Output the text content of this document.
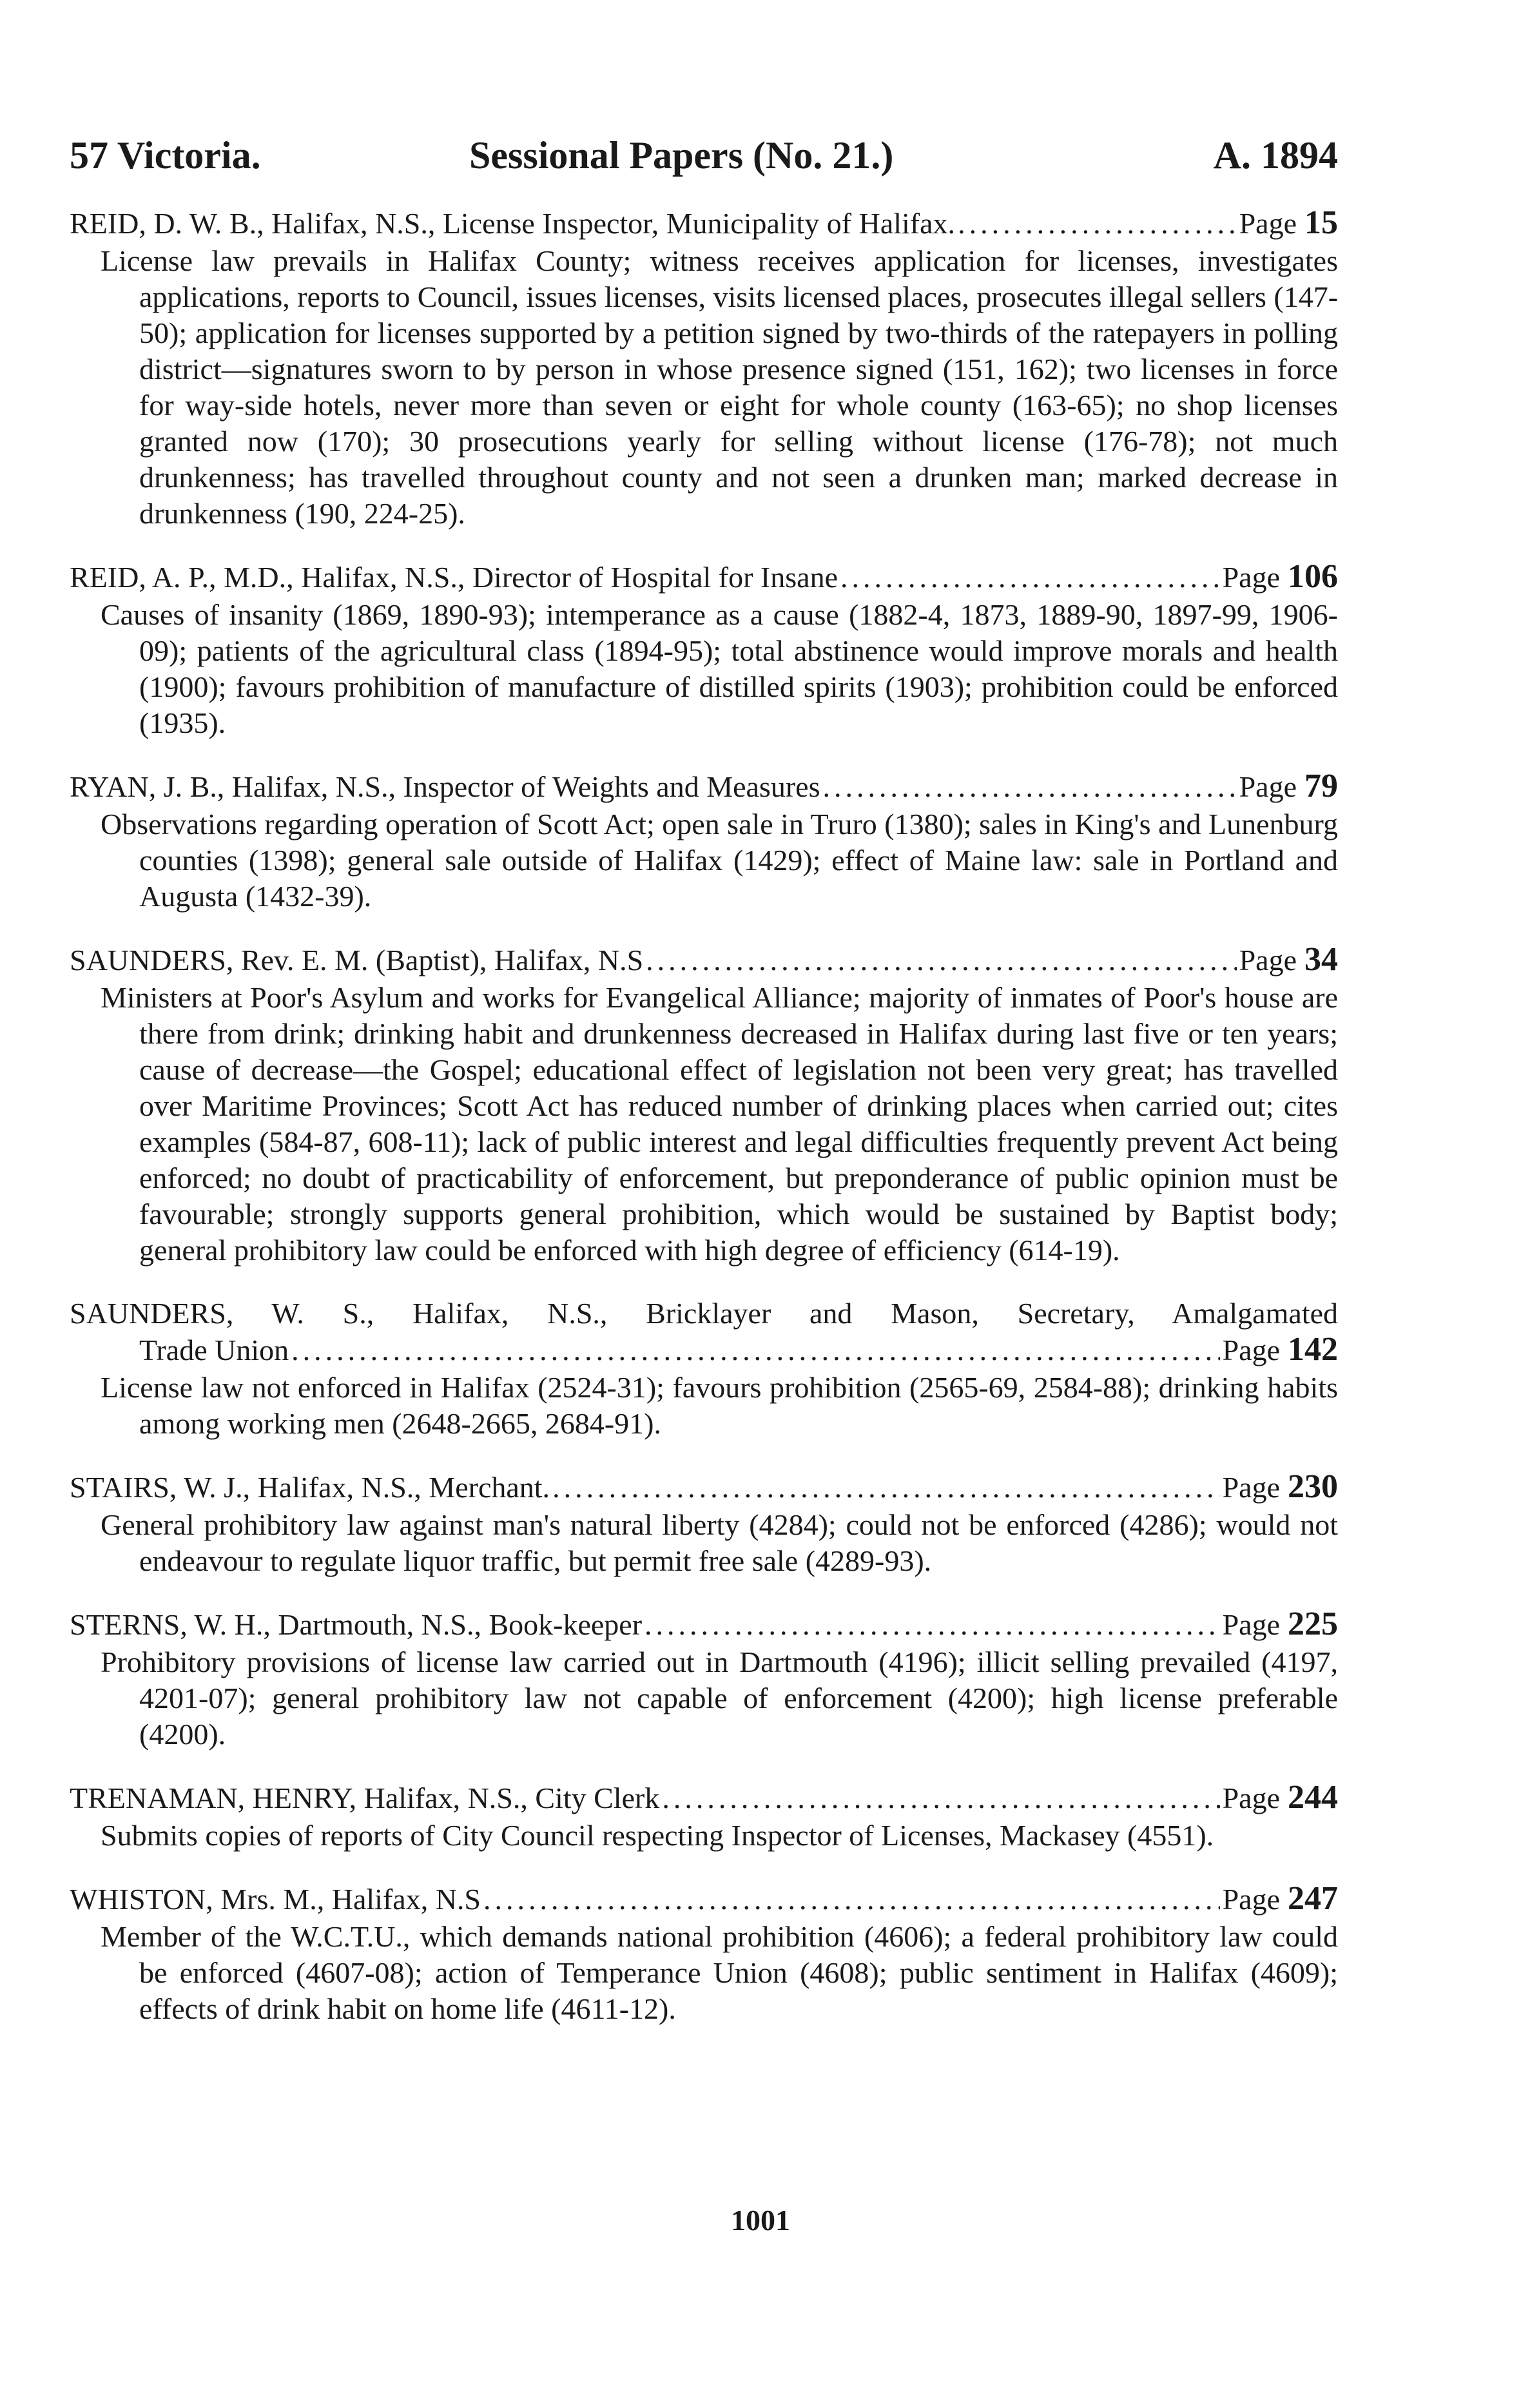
57 Victoria.	Sessional Papers (No. 21.)	A. 1894
REID, D. W. B., Halifax, N.S., License Inspector, Municipality of Halifax. .....	Page 15
License law prevails in Halifax County; witness receives application for licenses, investigates applications, reports to Council, issues licenses, visits licensed places, prosecutes illegal sellers (147-50); application for licenses supported by a petition signed by two-thirds of the ratepayers in polling district—signatures sworn to by person in whose presence signed (151, 162); two licenses in force for way-side hotels, never more than seven or eight for whole county (163-65); no shop licenses granted now (170); 30 prosecutions yearly for selling without license (176-78); not much drunkenness; has travelled throughout county and not seen a drunken man; marked decrease in drunkenness (190, 224-25).
REID, A. P., M.D., Halifax, N.S., Director of Hospital for Insane .....	Page 106
Causes of insanity (1869, 1890-93); intemperance as a cause (1882-4, 1873, 1889-90, 1897-99, 1906-09); patients of the agricultural class (1894-95); total abstinence would improve morals and health (1900); favours prohibition of manufacture of distilled spirits (1903); prohibition could be enforced (1935).
RYAN, J. B., Halifax, N.S., Inspector of Weights and Measures .....	Page 79
Observations regarding operation of Scott Act; open sale in Truro (1380); sales in King's and Lunenburg counties (1398); general sale outside of Halifax (1429); effect of Maine law: sale in Portland and Augusta (1432-39).
SAUNDERS, Rev. E. M. (Baptist), Halifax, N.S .....	Page 34
Ministers at Poor's Asylum and works for Evangelical Alliance; majority of inmates of Poor's house are there from drink; drinking habit and drunkenness decreased in Halifax during last five or ten years; cause of decrease—the Gospel; educational effect of legislation not been very great; has travelled over Maritime Provinces; Scott Act has reduced number of drinking places when carried out; cites examples (584-87, 608-11); lack of public interest and legal difficulties frequently prevent Act being enforced; no doubt of practicability of enforcement, but preponderance of public opinion must be favourable; strongly supports general prohibition, which would be sustained by Baptist body; general prohibitory law could be enforced with high degree of efficiency (614-19).
SAUNDERS, W. S., Halifax, N.S., Bricklayer and Mason, Secretary, Amalgamated
Trade Union .....	Page 142
License law not enforced in Halifax (2524-31); favours prohibition (2565-69, 2584-88); drinking habits among working men (2648-2665, 2684-91).
STAIRS, W. J., Halifax, N.S., Merchant. .....	Page 230
General prohibitory law against man's natural liberty (4284); could not be enforced (4286); would not endeavour to regulate liquor traffic, but permit free sale (4289-93).
STERNS, W. H., Dartmouth, N.S., Book-keeper .....	Page 225
Prohibitory provisions of license law carried out in Dartmouth (4196); illicit selling prevailed (4197, 4201-07); general prohibitory law not capable of enforcement (4200); high license preferable (4200).
TRENAMAN, HENRY, Halifax, N.S., City Clerk .....	Page 244
Submits copies of reports of City Council respecting Inspector of Licenses, Mackasey (4551).
WHISTON, Mrs. M., Halifax, N.S .....	Page 247
Member of the W.C.T.U., which demands national prohibition (4606); a federal prohibitory law could be enforced (4607-08); action of Temperance Union (4608); public sentiment in Halifax (4609); effects of drink habit on home life (4611-12).
1001
